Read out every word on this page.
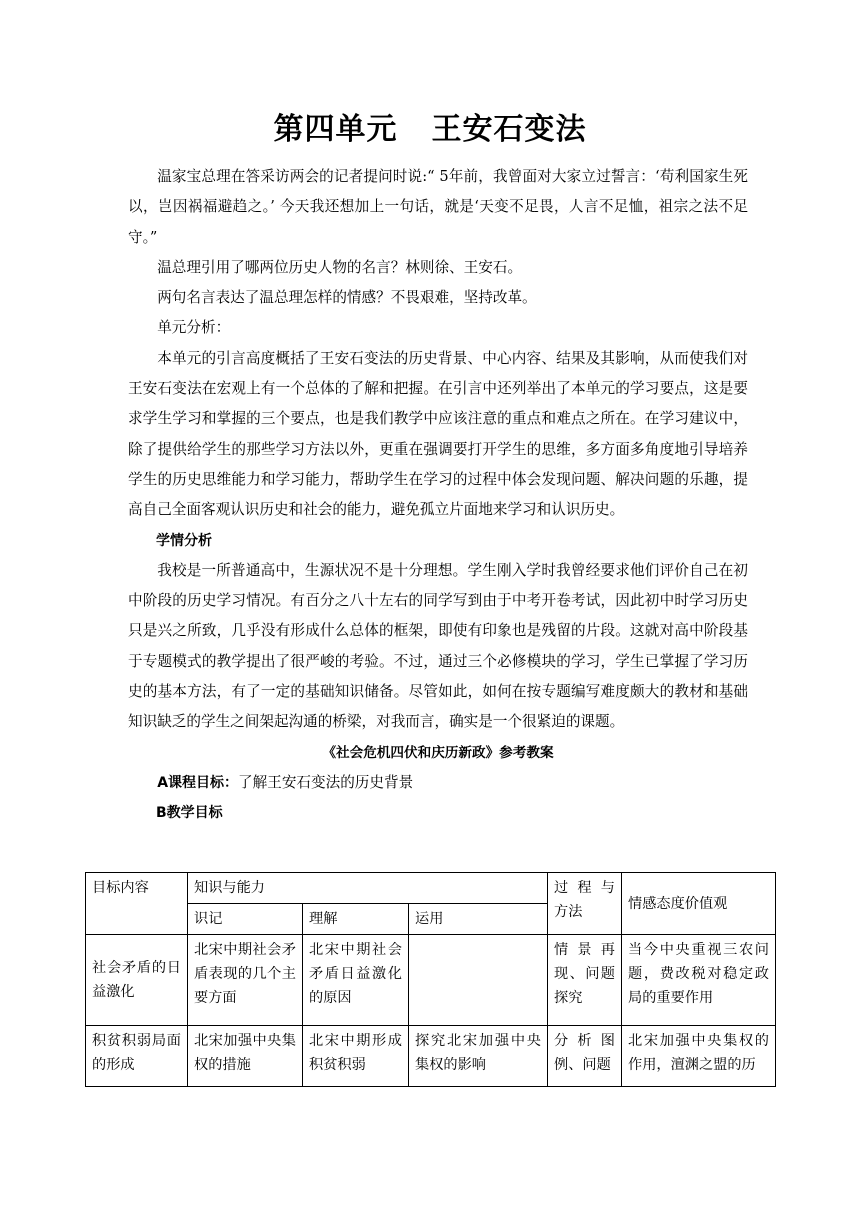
第四单元 王安石变法

温家宝总理在答采访两会的记者提问时说:“ 5年前，我曾面对大家立过誓言：‘苟利国家生死以，岂因祸福避趋之。’ 今天我还想加上一句话，就是‘天变不足畏，人言不足恤，祖宗之法不足守。”

温总理引用了哪两位历史人物的名言？林则徐、王安石。

两句名言表达了温总理怎样的情感？不畏艰难，坚持改革。

单元分析：

本单元的引言高度概括了王安石变法的历史背景、中心内容、结果及其影响，从而使我们对王安石变法在宏观上有一个总体的了解和把握。在引言中还列举出了本单元的学习要点，这是要求学生学习和掌握的三个要点，也是我们教学中应该注意的重点和难点之所在。在学习建议中，除了提供给学生的那些学习方法以外，更重在强调要打开学生的思维，多方面多角度地引导培养学生的历史思维能力和学习能力，帮助学生在学习的过程中体会发现问题、解决问题的乐趣，提高自己全面客观认识历史和社会的能力，避免孤立片面地来学习和认识历史。

学情分析

我校是一所普通高中，生源状况不是十分理想。学生刚入学时我曾经要求他们评价自己在初中阶段的历史学习情况。有百分之八十左右的同学写到由于中考开卷考试，因此初中时学习历史只是兴之所致，几乎没有形成什么总体的框架，即使有印象也是残留的片段。这就对高中阶段基于专题模式的教学提出了很严峻的考验。不过，通过三个必修模块的学习，学生已掌握了学习历史的基本方法，有了一定的基础知识储备。尽管如此，如何在按专题编写难度颇大的教材和基础知识缺乏的学生之间架起沟通的桥梁，对我而言，确实是一个很紧迫的课题。

《社会危机四伏和庆历新政》参考教案

A课程目标：了解王安石变法的历史背景

B教学目标

目标内容	知识与能力			过 程 与 方法	情感态度价值观
	识记	理解	运用		
社会矛盾的日益激化	北宋中期社会矛盾表现的几个主要方面	北宋中期社会矛盾日益激化的原因		情景再现、问题探究	当今中央重视三农问题，费改税对稳定政局的重要作用
积贫积弱局面的形成	北宋加强中央集权的措施	北宋中期形成积贫积弱	探究北宋加强中央集权的影响	分析图例、问题	北宋加强中央集权的作用，澶渊之盟的历
